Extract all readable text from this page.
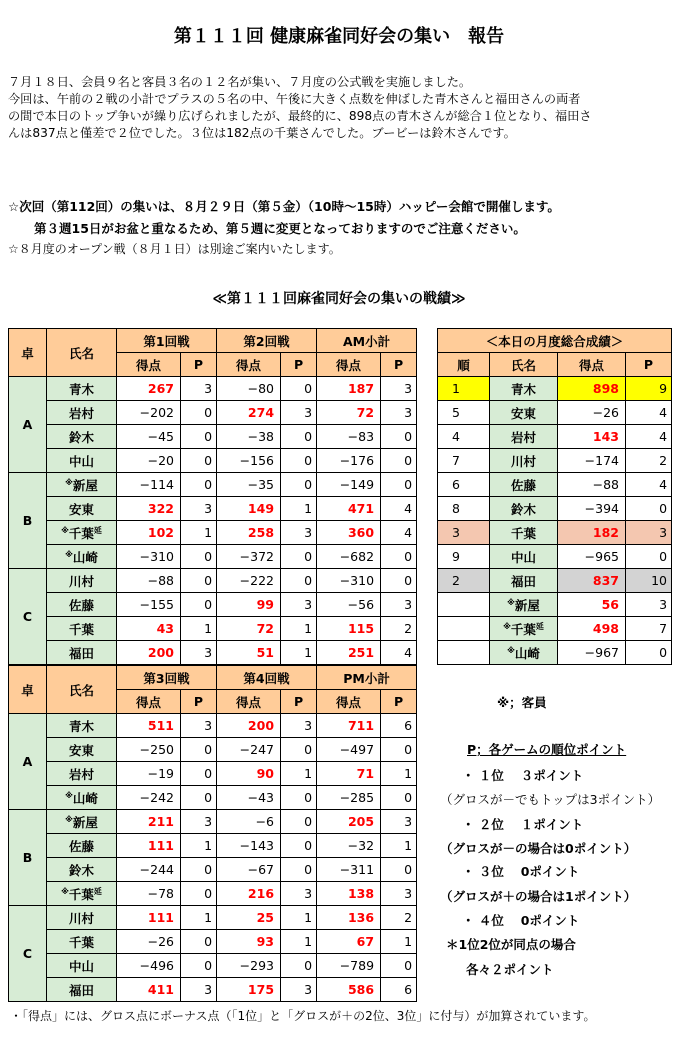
第１１１回 健康麻雀同好会の集い　報告
７月１８日、会員９名と客員３名の１２名が集い、７月度の公式戦を実施しました。
今回は、午前の２戦の小計でプラスの５名の中、午後に大きく点数を伸ばした青木さんと福田さんの両者
の間で本日のトップ争いが繰り広げられましたが、最終的に、898点の青木さんが総合１位となり、福田さ
んは837点と僅差で２位でした。３位は182点の千葉さんでした。ブービーは鈴木さんです。
☆次回（第112回）の集いは、８月２９日（第５金）（10時～15時）ハッピー会館で開催します。
第３週15日がお盆と重なるため、第５週に変更となっておりますのでご注意ください。
☆８月度のオープン戦（８月１日）は別途ご案内いたします。
≪第１１１回麻雀同好会の集いの戦績≫
卓	氏名	第1回戦		第2回戦		AM小計	
		得点	P	得点	P	得点	P
A	青木	267	3	−80	0	187	3
	岩村	−202	0	274	3	72	3
	鈴木	−45	0	−38	0	−83	0
	中山	−20	0	−156	0	−176	0
B	※新屋	−114	0	−35	0	−149	0
	安東	322	3	149	1	471	4
	※千葉$^延$	102	1	258	3	360	4
	※山崎	−310	0	−372	0	−682	0
C	川村	−88	0	−222	0	−310	0
	佐藤	−155	0	99	3	−56	3
	千葉	43	1	72	1	115	2
	福田	200	3	51	1	251	4
卓	氏名	第3回戦		第4回戦		PM小計	
		得点	P	得点	P	得点	P
A	青木	511	3	200	3	711	6
	安東	−250	0	−247	0	−497	0
	岩村	−19	0	90	1	71	1
	※山崎	−242	0	−43	0	−285	0
B	※新屋	211	3	−6	0	205	3
	佐藤	111	1	−143	0	−32	1
	鈴木	−244	0	−67	0	−311	0
	※千葉$^延$	−78	0	216	3	138	3
C	川村	111	1	25	1	136	2
	千葉	−26	0	93	1	67	1
	中山	−496	0	−293	0	−789	0
	福田	411	3	175	3	586	6
＜本日の月度総合成績＞			
順	氏名	得点	P
1	青木	898	9
5	安東	−26	4
4	岩村	143	4
7	川村	−174	2
6	佐藤	−88	4
8	鈴木	−394	0
3	千葉	182	3
9	中山	−965	0
2	福田	837	10
	※新屋	56	3
	※千葉$^延$	498	7
	※山崎	−967	0
※；客員
P；各ゲームの順位ポイント
・ １位　 ３ポイント
（グロスが－でもトップは3ポイント）
・ ２位　 １ポイント
（グロスが－の場合は0ポイント）
・ ３位　 0ポイント
（グロスが＋の場合は1ポイント）
・ ４位　 0ポイント
＊1位2位が同点の場合
各々２ポイント
・「得点」には、グロス点にボーナス点（「1位」と「グロスが＋の2位、3位」に付与）が加算されています。
